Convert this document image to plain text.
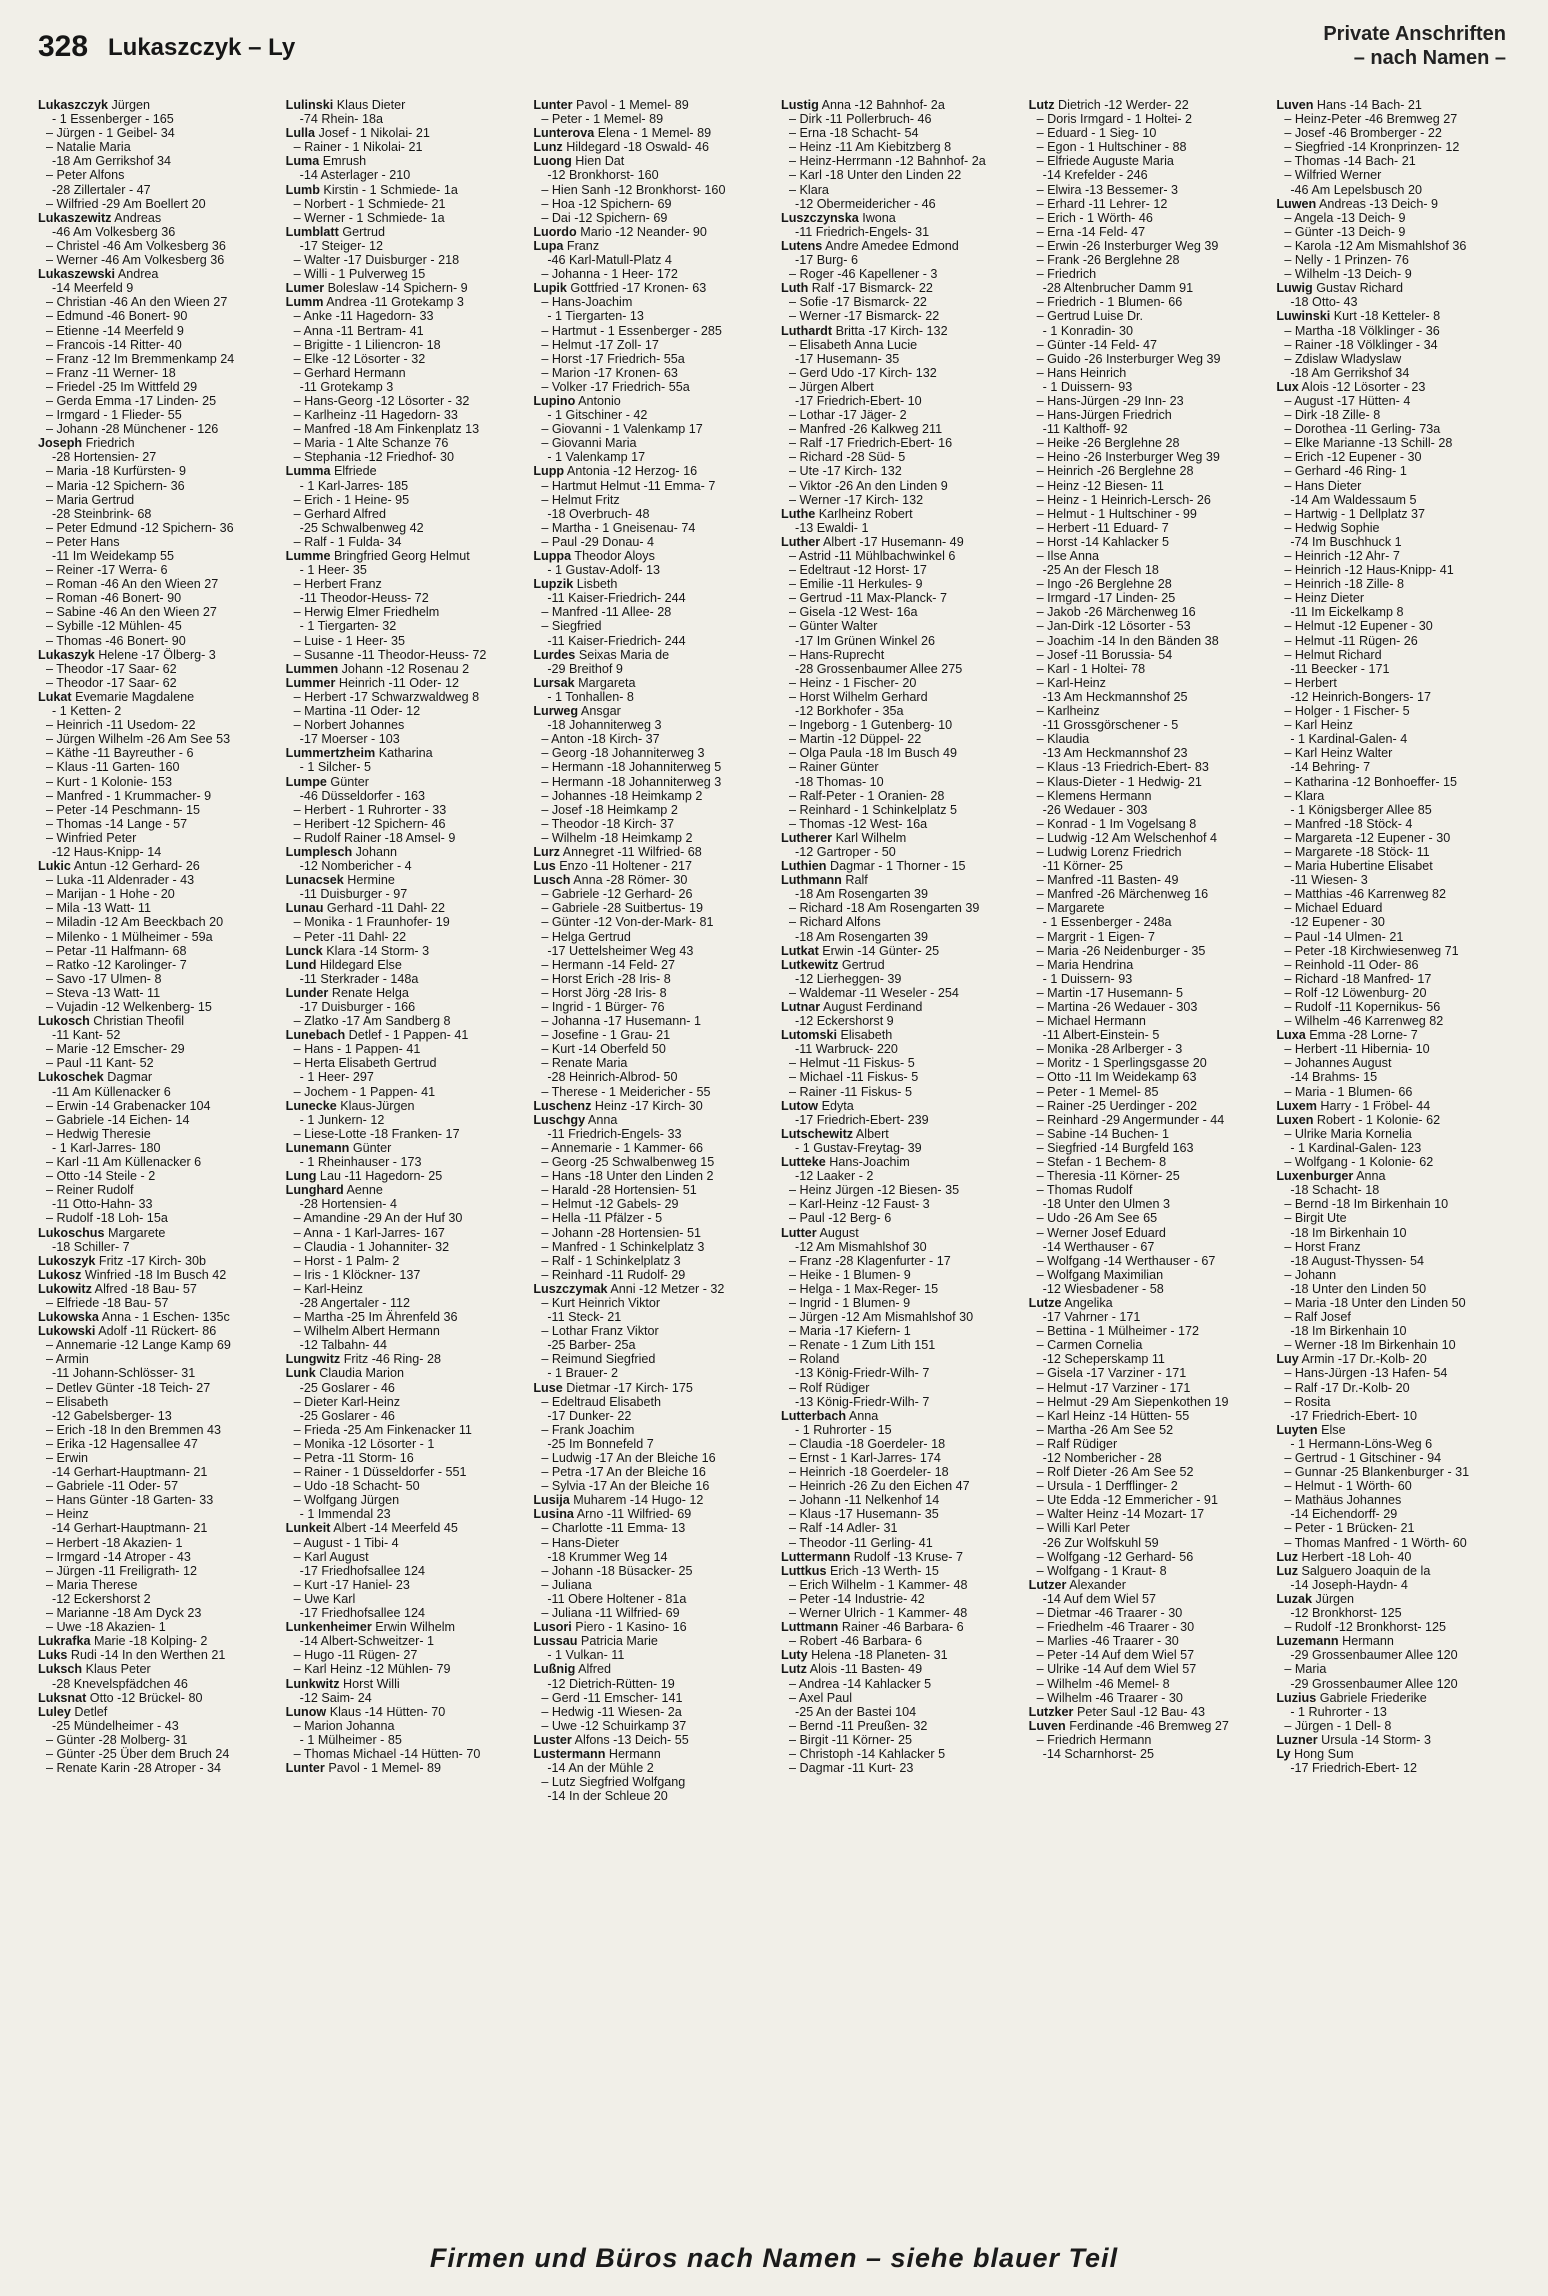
328 Lukaszczyk – Ly	Private Anschriften
– nach Namen –
Lukaszczyk Jürgen
- 1 Essenberger - 165
– Jürgen - 1 Geibel- 34
– Natalie Maria
-18 Am Gerrikshof 34
– Peter Alfons
-28 Zillertaler - 47
– Wilfried -29 Am Boellert 20
Lukaszewitz Andreas
-46 Am Volkesberg 36
– Christel -46 Am Volkesberg 36
– Werner -46 Am Volkesberg 36
Lukaszewski Andrea
-14 Meerfeld 9
– Christian -46 An den Wieen 27
– Edmund -46 Bonert- 90
– Etienne -14 Meerfeld 9
– Francois -14 Ritter- 40
– Franz -12 Im Bremmenkamp 24
– Franz -11 Werner- 18
– Friedel -25 Im Wittfeld 29
– Gerda Emma -17 Linden- 25
– Irmgard - 1 Flieder- 55
– Johann -28 Münchener - 126
Joseph Friedrich
-28 Hortensien- 27
– Maria -18 Kurfürsten- 9
– Maria -12 Spichern- 36
– Maria Gertrud
-28 Steinbrink- 68
– Peter Edmund -12 Spichern- 36
– Peter Hans
-11 Im Weidekamp 55
– Reiner -17 Werra- 6
– Roman -46 An den Wieen 27
– Roman -46 Bonert- 90
– Sabine -46 An den Wieen 27
– Sybille -12 Mühlen- 45
– Thomas -46 Bonert- 90
Lukaszyk Helene -17 Ölberg- 3
– Theodor -17 Saar- 62
– Theodor -17 Saar- 62
Lukat Evemarie Magdalene
- 1 Ketten- 2
– Heinrich -11 Usedom- 22
– Jürgen Wilhelm -26 Am See 53
– Käthe -11 Bayreuther - 6
– Klaus -11 Garten- 160
– Kurt - 1 Kolonie- 153
– Manfred - 1 Krummacher- 9
– Peter -14 Peschmann- 15
– Thomas -14 Lange - 57
– Winfried Peter
-12 Haus-Knipp- 14
Lukic Antun -12 Gerhard- 26
– Luka -11 Aldenrader - 43
– Marijan - 1 Hohe - 20
– Mila -13 Watt- 11
– Miladin -12 Am Beeckbach 20
– Milenko - 1 Mülheimer - 59a
– Petar -11 Halfmann- 68
– Ratko -12 Karolinger- 7
– Savo -17 Ulmen- 8
– Steva -13 Watt- 11
– Vujadin -12 Welkenberg- 15
Lukosch Christian Theofil
-11 Kant- 52
– Marie -12 Emscher- 29
– Paul -11 Kant- 52
Lukoschek Dagmar
-11 Am Küllenacker 6
– Erwin -14 Grabenacker 104
– Gabriele -14 Eichen- 14
– Hedwig Theresie
- 1 Karl-Jarres- 180
– Karl -11 Am Küllenacker 6
– Otto -14 Steile - 2
– Reiner Rudolf
-11 Otto-Hahn- 33
– Rudolf -18 Loh- 15a
Lukoschus Margarete
-18 Schiller- 7
Lukoszyk Fritz -17 Kirch- 30b
Lukosz Winfried -18 Im Busch 42
Lukowitz Alfred -18 Bau- 57
– Elfriede -18 Bau- 57
Lukowska Anna - 1 Eschen- 135c
Lukowski Adolf -11 Rückert- 86
– Annemarie -12 Lange Kamp 69
– Armin
-11 Johann-Schlösser- 31
– Detlev Günter -18 Teich- 27
– Elisabeth
-12 Gabelsberger- 13
– Erich -18 In den Bremmen 43
– Erika -12 Hagensallee 47
– Erwin
-14 Gerhart-Hauptmann- 21
– Gabriele -11 Oder- 57
– Hans Günter -18 Garten- 33
– Heinz
-14 Gerhart-Hauptmann- 21
– Herbert -18 Akazien- 1
– Irmgard -14 Atroper - 43
– Jürgen -11 Freiligrath- 12
– Maria Therese
-12 Eckershorst 2
– Marianne -18 Am Dyck 23
– Uwe -18 Akazien- 1
Lukrafka Marie -18 Kolping- 2
Luks Rudi -14 In den Werthen 21
Luksch Klaus Peter
-28 Knevelspfädchen 46
Luksnat Otto -12 Brückel- 80
Luley Detlef
-25 Mündelheimer - 43
– Günter -28 Molberg- 31
– Günter -25 Über dem Bruch 24
– Renate Karin -28 Atroper - 34
Lulinski Klaus Dieter
-74 Rhein- 18a
Lulla Josef - 1 Nikolai- 21
– Rainer - 1 Nikolai- 21
Luma Emrush
-14 Asterlager - 210
Lumb Kirstin - 1 Schmiede- 1a
– Norbert - 1 Schmiede- 21
– Werner - 1 Schmiede- 1a
Lumblatt Gertrud
-17 Steiger- 12
– Walter -17 Duisburger - 218
– Willi - 1 Pulverweg 15
Lumer Boleslaw -14 Spichern- 9
Lumm Andrea -11 Grotekamp 3
– Anke -11 Hagedorn- 33
– Anna -11 Bertram- 41
– Brigitte - 1 Liliencron- 18
– Elke -12 Lösorter - 32
– Gerhard Hermann
-11 Grotekamp 3
– Hans-Georg -12 Lösorter - 32
– Karlheinz -11 Hagedorn- 33
– Manfred -18 Am Finkenplatz 13
– Maria - 1 Alte Schanze 76
– Stephania -12 Friedhof- 30
Lumma Elfriede
- 1 Karl-Jarres- 185
– Erich - 1 Heine- 95
– Gerhard Alfred
-25 Schwalbenweg 42
– Ralf - 1 Fulda- 34
Lumme Bringfried Georg Helmut
- 1 Heer- 35
– Herbert Franz
-11 Theodor-Heuss- 72
– Herwig Elmer Friedhelm
- 1 Tiergarten- 32
– Luise - 1 Heer- 35
– Susanne -11 Theodor-Heuss- 72
Lummen Johann -12 Rosenau 2
Lummer Heinrich -11 Oder- 12
– Herbert -17 Schwarzwaldweg 8
– Martina -11 Oder- 12
– Norbert Johannes
-17 Moerser - 103
Lummertzheim Katharina
- 1 Silcher- 5
Lumpe Günter
-46 Düsseldorfer - 163
– Herbert - 1 Ruhrorter - 33
– Heribert -12 Spichern- 46
– Rudolf Rainer -18 Amsel- 9
Lumplesch Johann
-12 Nombericher - 4
Lunacsek Hermine
-11 Duisburger - 97
Lunau Gerhard -11 Dahl- 22
– Monika - 1 Fraunhofer- 19
– Peter -11 Dahl- 22
Lunck Klara -14 Storm- 3
Lund Hildegard Else
-11 Sterkrader - 148a
Lunder Renate Helga
-17 Duisburger - 166
– Zlatko -17 Am Sandberg 8
Lunebach Detlef - 1 Pappen- 41
– Hans - 1 Pappen- 41
– Herta Elisabeth Gertrud
- 1 Heer- 297
– Jochem - 1 Pappen- 41
Lunecke Klaus-Jürgen
- 1 Junkern- 12
– Liese-Lotte -18 Franken- 17
Lunemann Günter
- 1 Rheinhauser - 173
Lung Lau -11 Hagedorn- 25
Lunghard Aenne
-28 Hortensien- 4
– Amandine -29 An der Huf 30
– Anna - 1 Karl-Jarres- 167
– Claudia - 1 Johanniter- 32
– Horst - 1 Palm- 2
– Iris - 1 Klöckner- 137
– Karl-Heinz
-28 Angertaler - 112
– Martha -25 Im Ährenfeld 36
– Wilhelm Albert Hermann
-12 Talbahn- 44
Lungwitz Fritz -46 Ring- 28
Lunk Claudia Marion
-25 Goslarer - 46
– Dieter Karl-Heinz
-25 Goslarer - 46
– Frieda -25 Am Finkenacker 11
– Monika -12 Lösorter - 1
– Petra -11 Storm- 16
– Rainer - 1 Düsseldorfer - 551
– Udo -18 Schacht- 50
– Wolfgang Jürgen
- 1 Immendal 23
Lunkeit Albert -14 Meerfeld 45
– August - 1 Tibi- 4
– Karl August
-17 Friedhofsallee 124
– Kurt -17 Haniel- 23
– Uwe Karl
-17 Friedhofsallee 124
Lunkenheimer Erwin Wilhelm
-14 Albert-Schweitzer- 1
– Hugo -11 Rügen- 27
– Karl Heinz -12 Mühlen- 79
Lunkwitz Horst Willi
-12 Saim- 24
Lunow Klaus -14 Hütten- 70
– Marion Johanna
- 1 Mülheimer - 85
– Thomas Michael -14 Hütten- 70
Lunter Pavol - 1 Memel- 89
Lunter Pavol - 1 Memel- 89
– Peter - 1 Memel- 89
Lunterova Elena - 1 Memel- 89
Lunz Hildegard -18 Oswald- 46
Luong Hien Dat
-12 Bronkhorst- 160
– Hien Sanh -12 Bronkhorst- 160
– Hoa -12 Spichern- 69
– Dai -12 Spichern- 69
Luordo Mario -12 Neander- 90
Lupa Franz
-46 Karl-Matull-Platz 4
– Johanna - 1 Heer- 172
Lupik Gottfried -17 Kronen- 63
– Hans-Joachim
- 1 Tiergarten- 13
– Hartmut - 1 Essenberger - 285
– Helmut -17 Zoll- 17
– Horst -17 Friedrich- 55a
– Marion -17 Kronen- 63
– Volker -17 Friedrich- 55a
Lupino Antonio
- 1 Gitschiner - 42
– Giovanni - 1 Valenkamp 17
– Giovanni Maria
- 1 Valenkamp 17
Lupp Antonia -12 Herzog- 16
– Hartmut Helmut -11 Emma- 7
– Helmut Fritz
-18 Overbruch- 48
– Martha - 1 Gneisenau- 74
– Paul -29 Donau- 4
Luppa Theodor Aloys
- 1 Gustav-Adolf- 13
Lupzik Lisbeth
-11 Kaiser-Friedrich- 244
– Manfred -11 Allee- 28
– Siegfried
-11 Kaiser-Friedrich- 244
Lurdes Seixas Maria de
-29 Breithof 9
Lursak Margareta
- 1 Tonhallen- 8
Lurweg Ansgar
-18 Johanniterweg 3
– Anton -18 Kirch- 37
– Georg -18 Johanniterweg 3
– Hermann -18 Johanniterweg 5
– Hermann -18 Johanniterweg 3
– Johannes -18 Heimkamp 2
– Josef -18 Heimkamp 2
– Theodor -18 Kirch- 37
– Wilhelm -18 Heimkamp 2
Lurz Annegret -11 Wilfried- 68
Lus Enzo -11 Holtener - 217
Lusch Anna -28 Römer- 30
– Gabriele -12 Gerhard- 26
– Gabriele -28 Suitbertus- 19
– Günter -12 Von-der-Mark- 81
– Helga Gertrud
-17 Uettelsheimer Weg 43
– Hermann -14 Feld- 27
– Horst Erich -28 Iris- 8
– Horst Jörg -28 Iris- 8
– Ingrid - 1 Bürger- 76
– Johanna -17 Husemann- 1
– Josefine - 1 Grau- 21
– Kurt -14 Oberfeld 50
– Renate Maria
-28 Heinrich-Albrod- 50
– Therese - 1 Meidericher - 55
Luschenz Heinz -17 Kirch- 30
Luschgy Anna
-11 Friedrich-Engels- 33
– Annemarie - 1 Kammer- 66
– Georg -25 Schwalbenweg 15
– Hans -18 Unter den Linden 2
– Harald -28 Hortensien- 51
– Helmut -12 Gabels- 29
– Hella -11 Pfälzer - 5
– Johann -28 Hortensien- 51
– Manfred - 1 Schinkelplatz 3
– Ralf - 1 Schinkelplatz 3
– Reinhard -11 Rudolf- 29
Luszczymak Anni -12 Metzer - 32
– Kurt Heinrich Viktor
-11 Steck- 21
– Lothar Franz Viktor
-25 Barber- 25a
– Reimund Siegfried
- 1 Brauer- 2
Luse Dietmar -17 Kirch- 175
– Edeltraud Elisabeth
-17 Dunker- 22
– Frank Joachim
-25 Im Bonnefeld 7
– Ludwig -17 An der Bleiche 16
– Petra -17 An der Bleiche 16
– Sylvia -17 An der Bleiche 16
Lusija Muharem -14 Hugo- 12
Lusina Arno -11 Wilfried- 69
– Charlotte -11 Emma- 13
– Hans-Dieter
-18 Krummer Weg 14
– Johann -18 Büsacker- 25
– Juliana
-11 Obere Holtener - 81a
– Juliana -11 Wilfried- 69
Lusori Piero - 1 Kasino- 16
Lussau Patricia Marie
- 1 Vulkan- 11
Lußnig Alfred
-12 Dietrich-Rütten- 19
– Gerd -11 Emscher- 141
– Hedwig -11 Wiesen- 2a
– Uwe -12 Schuirkamp 37
Luster Alfons -13 Deich- 55
Lustermann Hermann
-14 An der Mühle 2
– Lutz Siegfried Wolfgang
-14 In der Schleue 20
Lustig Anna -12 Bahnhof- 2a
– Dirk -11 Pollerbruch- 46
– Erna -18 Schacht- 54
– Heinz -11 Am Kiebitzberg 8
– Heinz-Herrmann -12 Bahnhof- 2a
– Karl -18 Unter den Linden 22
– Klara
-12 Obermeidericher - 46
Luszczynska Iwona
-11 Friedrich-Engels- 31
Lutens Andre Amedee Edmond
-17 Burg- 6
– Roger -46 Kapellener - 3
Luth Ralf -17 Bismarck- 22
– Sofie -17 Bismarck- 22
– Werner -17 Bismarck- 22
Luthardt Britta -17 Kirch- 132
– Elisabeth Anna Lucie
-17 Husemann- 35
– Gerd Udo -17 Kirch- 132
– Jürgen Albert
-17 Friedrich-Ebert- 10
– Lothar -17 Jäger- 2
– Manfred -26 Kalkweg 211
– Ralf -17 Friedrich-Ebert- 16
– Richard -28 Süd- 5
– Ute -17 Kirch- 132
– Viktor -26 An den Linden 9
– Werner -17 Kirch- 132
Luthe Karlheinz Robert
-13 Ewaldi- 1
Luther Albert -17 Husemann- 49
– Astrid -11 Mühlbachwinkel 6
– Edeltraut -12 Horst- 17
– Emilie -11 Herkules- 9
– Gertrud -11 Max-Planck- 7
– Gisela -12 West- 16a
– Günter Walter
-17 Im Grünen Winkel 26
– Hans-Ruprecht
-28 Grossenbaumer Allee 275
– Heinz - 1 Fischer- 20
– Horst Wilhelm Gerhard
-12 Borkhofer - 35a
– Ingeborg - 1 Gutenberg- 10
– Martin -12 Düppel- 22
– Olga Paula -18 Im Busch 49
– Rainer Günter
-18 Thomas- 10
– Ralf-Peter - 1 Oranien- 28
– Reinhard - 1 Schinkelplatz 5
– Thomas -12 West- 16a
Lutherer Karl Wilhelm
-12 Gartroper - 50
Luthien Dagmar - 1 Thorner - 15
Luthmann Ralf
-18 Am Rosengarten 39
– Richard -18 Am Rosengarten 39
– Richard Alfons
-18 Am Rosengarten 39
Lutkat Erwin -14 Günter- 25
Lutkewitz Gertrud
-12 Lierheggen- 39
– Waldemar -11 Weseler - 254
Lutnar August Ferdinand
-12 Eckershorst 9
Lutomski Elisabeth
-11 Warbruck- 220
– Helmut -11 Fiskus- 5
– Michael -11 Fiskus- 5
– Rainer -11 Fiskus- 5
Lutow Edyta
-17 Friedrich-Ebert- 239
Lutschewitz Albert
- 1 Gustav-Freytag- 39
Lutteke Hans-Joachim
-12 Laaker - 2
– Heinz Jürgen -12 Biesen- 35
– Karl-Heinz -12 Faust- 3
– Paul -12 Berg- 6
Lutter August
-12 Am Mismahlshof 30
– Franz -28 Klagenfurter - 17
– Heike - 1 Blumen- 9
– Helga - 1 Max-Reger- 15
– Ingrid - 1 Blumen- 9
– Jürgen -12 Am Mismahlshof 30
– Maria -17 Kiefern- 1
– Renate - 1 Zum Lith 151
– Roland
-13 König-Friedr-Wilh- 7
– Rolf Rüdiger
-13 König-Friedr-Wilh- 7
Lutterbach Anna
- 1 Ruhrorter - 15
– Claudia -18 Goerdeler- 18
– Ernst - 1 Karl-Jarres- 174
– Heinrich -18 Goerdeler- 18
– Heinrich -26 Zu den Eichen 47
– Johann -11 Nelkenhof 14
– Klaus -17 Husemann- 35
– Ralf -14 Adler- 31
– Theodor -11 Gerling- 41
Luttermann Rudolf -13 Kruse- 7
Luttkus Erich -13 Werth- 15
– Erich Wilhelm - 1 Kammer- 48
– Peter -14 Industrie- 42
– Werner Ulrich - 1 Kammer- 48
Luttmann Rainer -46 Barbara- 6
– Robert -46 Barbara- 6
Luty Helena -18 Planeten- 31
Lutz Alois -11 Basten- 49
– Andrea -14 Kahlacker 5
– Axel Paul
-25 An der Bastei 104
– Bernd -11 Preußen- 32
– Birgit -11 Körner- 25
– Christoph -14 Kahlacker 5
– Dagmar -11 Kurt- 23
Lutz Dietrich -12 Werder- 22
– Doris Irmgard - 1 Holtei- 2
– Eduard - 1 Sieg- 10
– Egon - 1 Hultschiner - 88
– Elfriede Auguste Maria
-14 Krefelder - 246
– Elwira -13 Bessemer- 3
– Erhard -11 Lehrer- 12
– Erich - 1 Wörth- 46
– Erna -14 Feld- 47
– Erwin -26 Insterburger Weg 39
– Frank -26 Berglehne 28
– Friedrich
-28 Altenbrucher Damm 91
– Friedrich - 1 Blumen- 66
– Gertrud Luise Dr.
- 1 Konradin- 30
– Günter -14 Feld- 47
– Guido -26 Insterburger Weg 39
– Hans Heinrich
- 1 Duissern- 93
– Hans-Jürgen -29 Inn- 23
– Hans-Jürgen Friedrich
-11 Kalthoff- 92
– Heike -26 Berglehne 28
– Heino -26 Insterburger Weg 39
– Heinrich -26 Berglehne 28
– Heinz -12 Biesen- 11
– Heinz - 1 Heinrich-Lersch- 26
– Helmut - 1 Hultschiner - 99
– Herbert -11 Eduard- 7
– Horst -14 Kahlacker 5
– Ilse Anna
-25 An der Flesch 18
– Ingo -26 Berglehne 28
– Irmgard -17 Linden- 25
– Jakob -26 Märchenweg 16
– Jan-Dirk -12 Lösorter - 53
– Joachim -14 In den Bänden 38
– Josef -11 Borussia- 54
– Karl - 1 Holtei- 78
– Karl-Heinz
-13 Am Heckmannshof 25
– Karlheinz
-11 Grossgörschener - 5
– Klaudia
-13 Am Heckmannshof 23
– Klaus -13 Friedrich-Ebert- 83
– Klaus-Dieter - 1 Hedwig- 21
– Klemens Hermann
-26 Wedauer - 303
– Konrad - 1 Im Vogelsang 8
– Ludwig -12 Am Welschenhof 4
– Ludwig Lorenz Friedrich
-11 Körner- 25
– Manfred -11 Basten- 49
– Manfred -26 Märchenweg 16
– Margarete
- 1 Essenberger - 248a
– Margrit - 1 Eigen- 7
– Maria -26 Neidenburger - 35
– Maria Hendrina
- 1 Duissern- 93
– Martin -17 Husemann- 5
– Martina -26 Wedauer - 303
– Michael Hermann
-11 Albert-Einstein- 5
– Monika -28 Arlberger - 3
– Moritz - 1 Sperlingsgasse 20
– Otto -11 Im Weidekamp 63
– Peter - 1 Memel- 85
– Rainer -25 Uerdinger - 202
– Reinhard -29 Angermunder - 44
– Sabine -14 Buchen- 1
– Siegfried -14 Burgfeld 163
– Stefan - 1 Bechem- 8
– Theresia -11 Körner- 25
– Thomas Rudolf
-18 Unter den Ulmen 3
– Udo -26 Am See 65
– Werner Josef Eduard
-14 Werthauser - 67
– Wolfgang -14 Werthauser - 67
– Wolfgang Maximilian
-12 Wiesbadener - 58
Lutze Angelika
-17 Vahrner - 171
– Bettina - 1 Mülheimer - 172
– Carmen Cornelia
-12 Scheperskamp 11
– Gisela -17 Varziner - 171
– Helmut -17 Varziner - 171
– Helmut -29 Am Siepenkothen 19
– Karl Heinz -14 Hütten- 55
– Martha -26 Am See 52
– Ralf Rüdiger
-12 Nombericher - 28
– Rolf Dieter -26 Am See 52
– Ursula - 1 Derfflinger- 2
– Ute Edda -12 Emmericher - 91
– Walter Heinz -14 Mozart- 17
– Willi Karl Peter
-26 Zur Wolfskuhl 59
– Wolfgang -12 Gerhard- 56
– Wolfgang - 1 Kraut- 8
Lutzer Alexander
-14 Auf dem Wiel 57
– Dietmar -46 Traarer - 30
– Friedhelm -46 Traarer - 30
– Marlies -46 Traarer - 30
– Peter -14 Auf dem Wiel 57
– Ulrike -14 Auf dem Wiel 57
– Wilhelm -46 Memel- 8
– Wilhelm -46 Traarer - 30
Lutzker Peter Saul -12 Bau- 43
Luven Ferdinande -46 Bremweg 27
– Friedrich Hermann
-14 Scharnhorst- 25
Luven Hans -14 Bach- 21
– Heinz-Peter -46 Bremweg 27
– Josef -46 Bromberger - 22
– Siegfried -14 Kronprinzen- 12
– Thomas -14 Bach- 21
– Wilfried Werner
-46 Am Lepelsbusch 20
Luwen Andreas -13 Deich- 9
– Angela -13 Deich- 9
– Günter -13 Deich- 9
– Karola -12 Am Mismahlshof 36
– Nelly - 1 Prinzen- 76
– Wilhelm -13 Deich- 9
Luwig Gustav Richard
-18 Otto- 43
Luwinski Kurt -18 Ketteler- 8
– Martha -18 Völklinger - 36
– Rainer -18 Völklinger - 34
– Zdislaw Wladyslaw
-18 Am Gerrikshof 34
Lux Alois -12 Lösorter - 23
– August -17 Hütten- 4
– Dirk -18 Zille- 8
– Dorothea -11 Gerling- 73a
– Elke Marianne -13 Schill- 28
– Erich -12 Eupener - 30
– Gerhard -46 Ring- 1
– Hans Dieter
-14 Am Waldessaum 5
– Hartwig - 1 Dellplatz 37
– Hedwig Sophie
-74 Im Buschhuck 1
– Heinrich -12 Ahr- 7
– Heinrich -12 Haus-Knipp- 41
– Heinrich -18 Zille- 8
– Heinz Dieter
-11 Im Eickelkamp 8
– Helmut -12 Eupener - 30
– Helmut -11 Rügen- 26
– Helmut Richard
-11 Beecker - 171
– Herbert
-12 Heinrich-Bongers- 17
– Holger - 1 Fischer- 5
– Karl Heinz
- 1 Kardinal-Galen- 4
– Karl Heinz Walter
-14 Behring- 7
– Katharina -12 Bonhoeffer- 15
– Klara
- 1 Königsberger Allee 85
– Manfred -18 Stöck- 4
– Margareta -12 Eupener - 30
– Margarete -18 Stöck- 11
– Maria Hubertine Elisabet
-11 Wiesen- 3
– Matthias -46 Karrenweg 82
– Michael Eduard
-12 Eupener - 30
– Paul -14 Ulmen- 21
– Peter -18 Kirchwiesenweg 71
– Reinhold -11 Oder- 86
– Richard -18 Manfred- 17
– Rolf -12 Löwenburg- 20
– Rudolf -11 Kopernikus- 56
– Wilhelm -46 Karrenweg 82
Luxa Emma -28 Lorne- 7
– Herbert -11 Hibernia- 10
– Johannes August
-14 Brahms- 15
– Maria - 1 Blumen- 66
Luxem Harry - 1 Fröbel- 44
Luxen Robert - 1 Kolonie- 62
– Ulrike Maria Kornelia
- 1 Kardinal-Galen- 123
– Wolfgang - 1 Kolonie- 62
Luxenburger Anna
-18 Schacht- 18
– Bernd -18 Im Birkenhain 10
– Birgit Ute
-18 Im Birkenhain 10
– Horst Franz
-18 August-Thyssen- 54
– Johann
-18 Unter den Linden 50
– Maria -18 Unter den Linden 50
– Ralf Josef
-18 Im Birkenhain 10
– Werner -18 Im Birkenhain 10
Luy Armin -17 Dr.-Kolb- 20
– Hans-Jürgen -13 Hafen- 54
– Ralf -17 Dr.-Kolb- 20
– Rosita
-17 Friedrich-Ebert- 10
Luyten Else
- 1 Hermann-Löns-Weg 6
– Gertrud - 1 Gitschiner - 94
– Gunnar -25 Blankenburger - 31
– Helmut - 1 Wörth- 60
– Mathäus Johannes
-14 Eichendorff- 29
– Peter - 1 Brücken- 21
– Thomas Manfred - 1 Wörth- 60
Luz Herbert -18 Loh- 40
Luz Salguero Joaquin de la
-14 Joseph-Haydn- 4
Luzak Jürgen
-12 Bronkhorst- 125
– Rudolf -12 Bronkhorst- 125
Luzemann Hermann
-29 Grossenbaumer Allee 120
– Maria
-29 Grossenbaumer Allee 120
Luzius Gabriele Friederike
- 1 Ruhrorter - 13
– Jürgen - 1 Dell- 8
Luzner Ursula -14 Storm- 3
Ly Hong Sum
-17 Friedrich-Ebert- 12
Firmen und Büros nach Namen – siehe blauer Teil
